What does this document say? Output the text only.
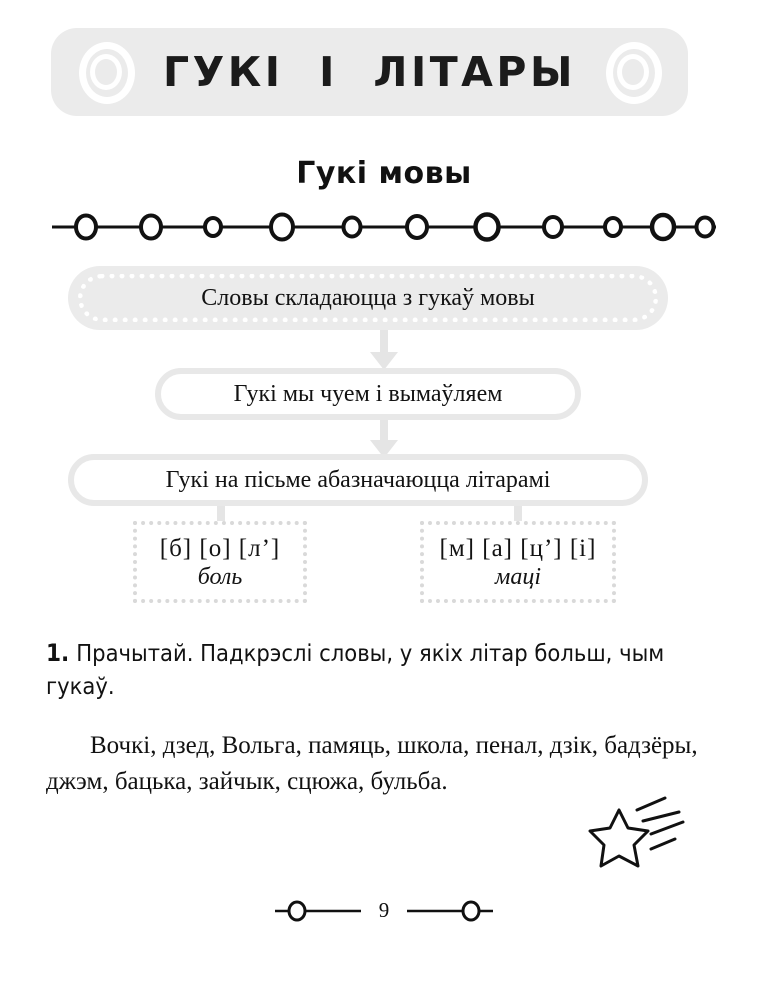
ГУКІ  І  ЛІТАРЫ
Гукі мовы
Словы складаюцца з гукаў мовы
Гукі мы чуем і вымаўляем
Гукі на пісьме абазначаюцца літарамі
[б] [о] [л’]
боль
[м] [а] [ц’] [і]
маці
1. Прачытай. Падкрэслі словы, у якіх літар больш, чым гукаў.
Вочкі, дзед, Вольга, памяць, школа, пенал, дзік, бадзёры, джэм, бацька, зайчык, сцюжа, бульба.
9
